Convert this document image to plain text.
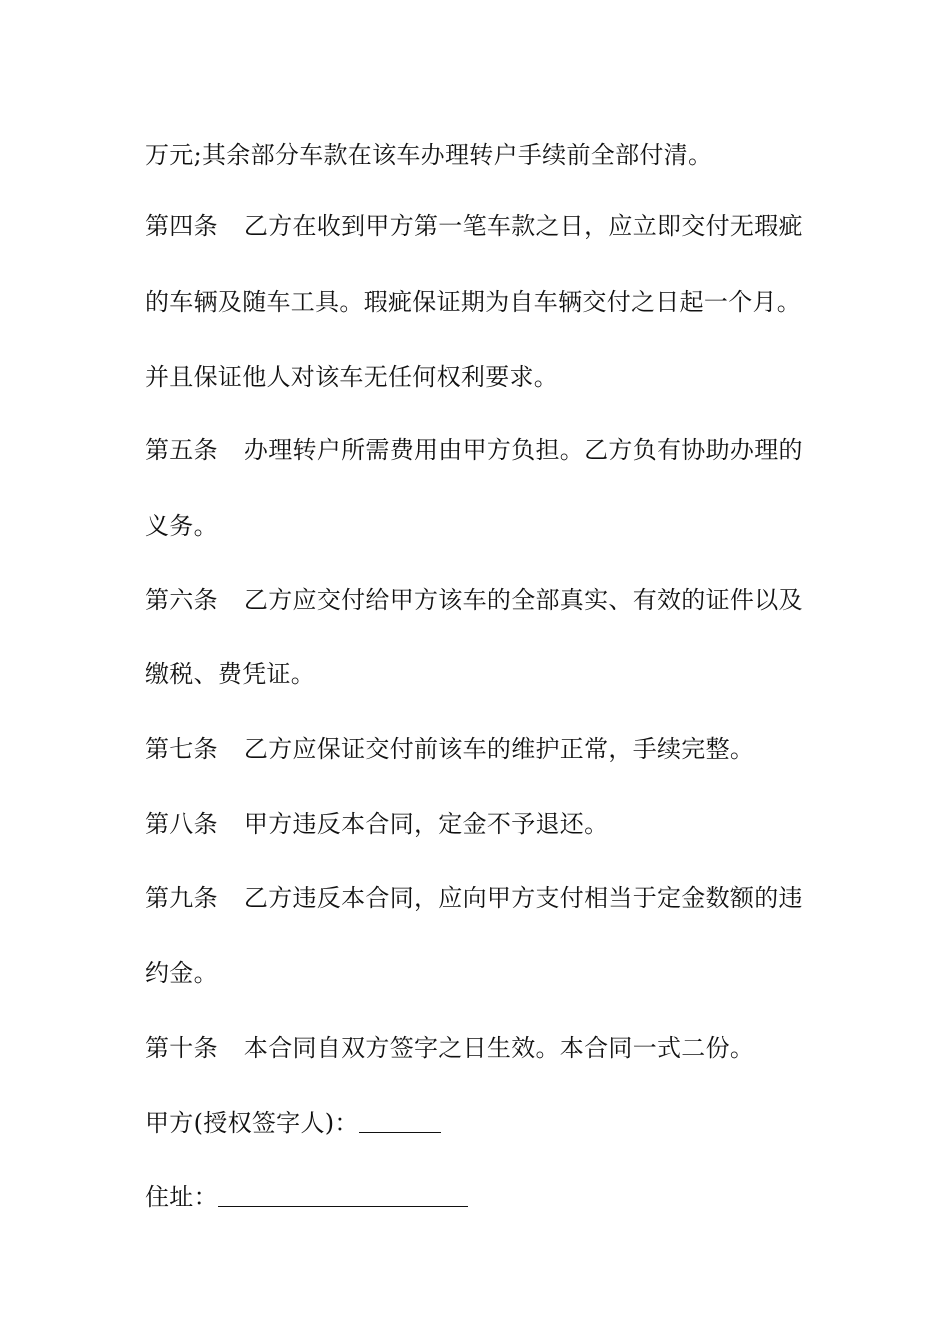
万元;其余部分车款在该车办理转户手续前全部付清。
第四条 乙方在收到甲方第一笔车款之日，应立即交付无瑕疵
的车辆及随车工具。瑕疵保证期为自车辆交付之日起一个月。
并且保证他人对该车无任何权利要求。
第五条 办理转户所需费用由甲方负担。乙方负有协助办理的
义务。
第六条 乙方应交付给甲方该车的全部真实、有效的证件以及
缴税、费凭证。
第七条 乙方应保证交付前该车的维护正常，手续完整。
第八条 甲方违反本合同，定金不予退还。
第九条 乙方违反本合同，应向甲方支付相当于定金数额的违
约金。
第十条 本合同自双方签字之日生效。本合同一式二份。
甲方(授权签字人)：
住址：
